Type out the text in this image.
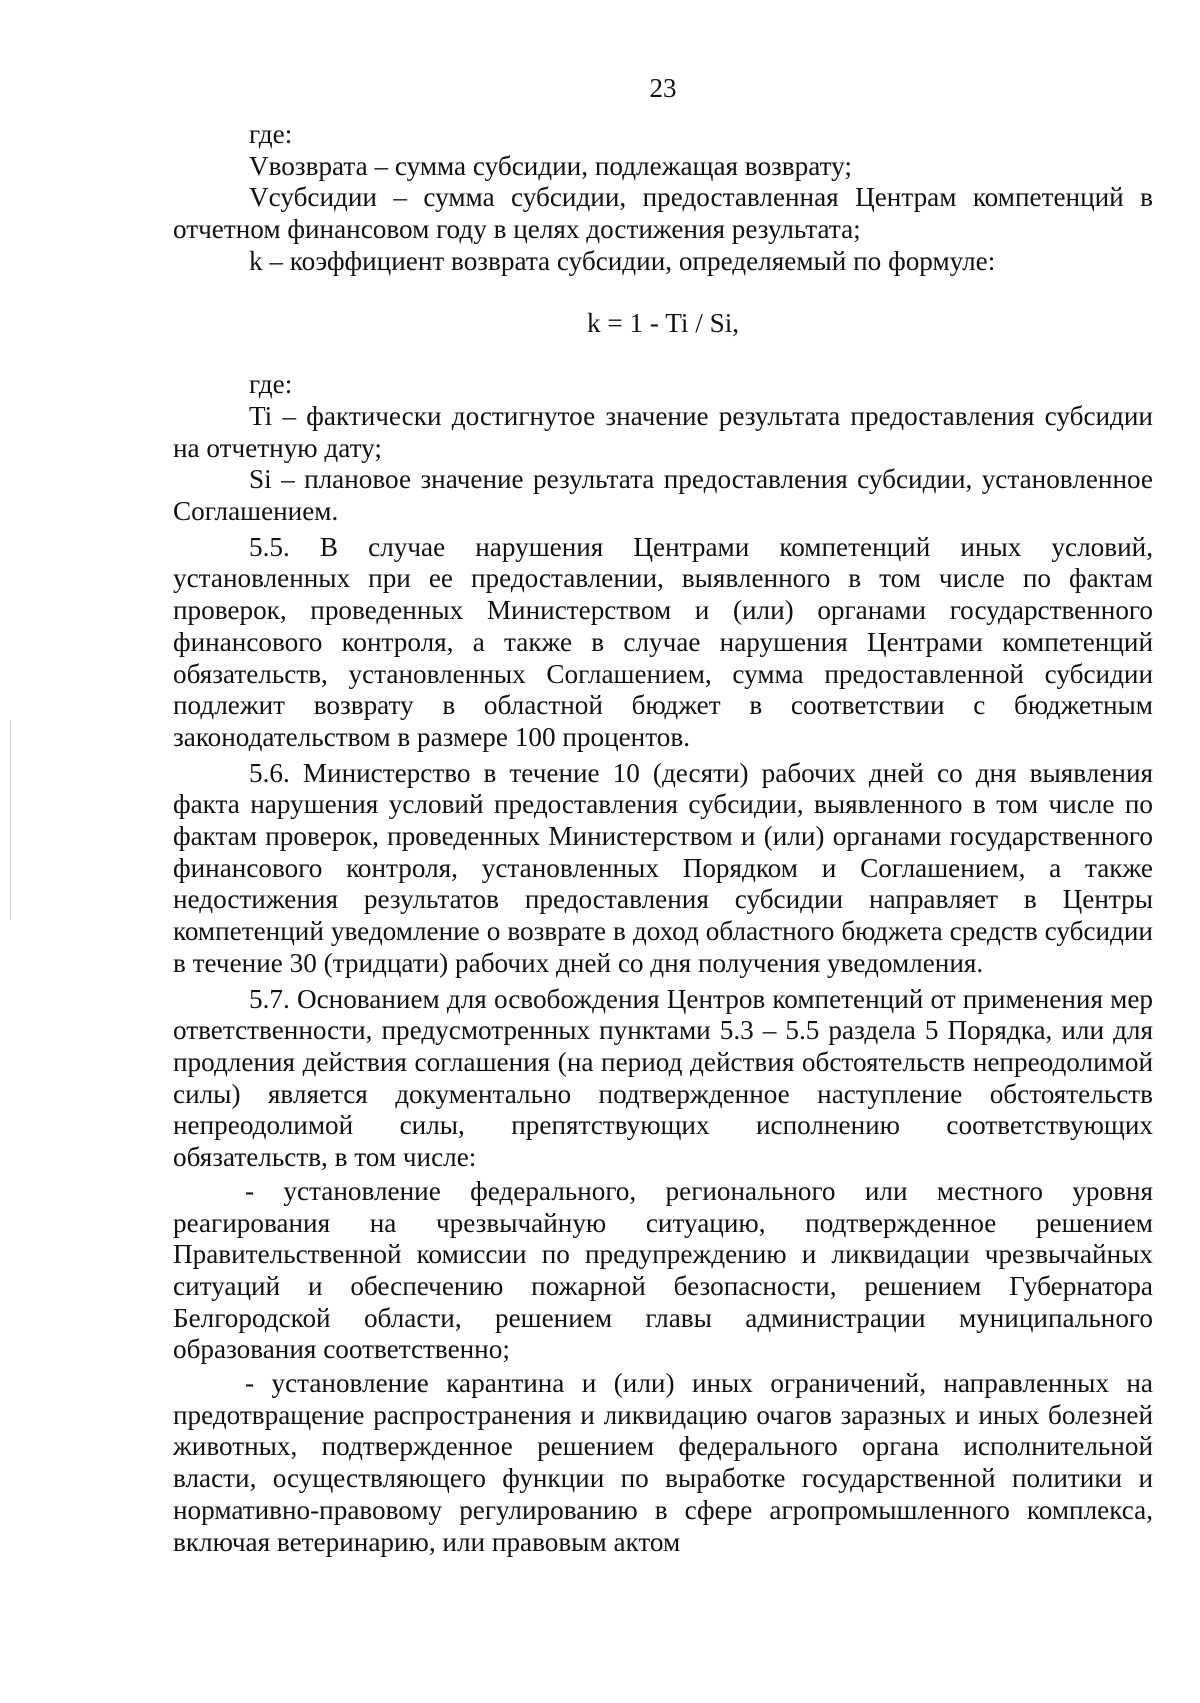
23

где:

Vвозврата – сумма субсидии, подлежащая возврату;

Vсубсидии – сумма субсидии, предоставленная Центрам компетенций в отчетном финансовом году в целях достижения результата;

k – коэффициент возврата субсидии, определяемый по формуле:

k = 1 - Ti / Si,

где:

Ti – фактически достигнутое значение результата предоставления субсидии на отчетную дату;

Si – плановое значение результата предоставления субсидии, установленное Соглашением.

5.5. В случае нарушения Центрами компетенций иных условий, установленных при ее предоставлении, выявленного в том числе по фактам проверок, проведенных Министерством и (или) органами государственного финансового контроля, а также в случае нарушения Центрами компетенций обязательств, установленных Соглашением, сумма предоставленной субсидии подлежит возврату в областной бюджет в соответствии с бюджетным законодательством в размере 100 процентов.

5.6. Министерство в течение 10 (десяти) рабочих дней со дня выявления факта нарушения условий предоставления субсидии, выявленного в том числе по фактам проверок, проведенных Министерством и (или) органами государственного финансового контроля, установленных Порядком и Соглашением, а также недостижения результатов предоставления субсидии направляет в Центры компетенций уведомление о возврате в доход областного бюджета средств субсидии в течение 30 (тридцати) рабочих дней со дня получения уведомления.

5.7. Основанием для освобождения Центров компетенций от применения мер ответственности, предусмотренных пунктами 5.3 – 5.5 раздела 5 Порядка, или для продления действия соглашения (на период действия обстоятельств непреодолимой силы) является документально подтвержденное наступление обстоятельств непреодолимой силы, препятствующих исполнению соответствующих обязательств, в том числе:

- установление федерального, регионального или местного уровня реагирования на чрезвычайную ситуацию, подтвержденное решением Правительственной комиссии по предупреждению и ликвидации чрезвычайных ситуаций и обеспечению пожарной безопасности, решением Губернатора Белгородской области, решением главы администрации муниципального образования соответственно;

- установление карантина и (или) иных ограничений, направленных на предотвращение распространения и ликвидацию очагов заразных и иных болезней животных, подтвержденное решением федерального органа исполнительной власти, осуществляющего функции по выработке государственной политики и нормативно-правовому регулированию в сфере агропромышленного комплекса, включая ветеринарию, или правовым актом
